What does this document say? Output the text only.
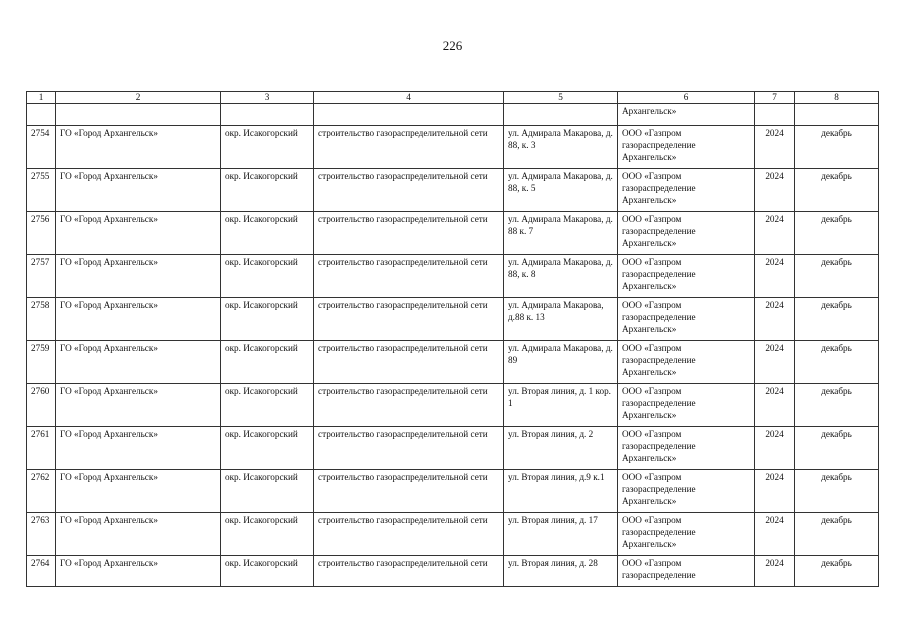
226
1	2	3	4	5	6	7	8
					Архангельск»		
2754	ГО «Город Архангельск»	окр. Исакогорский	строительство газораспределительной сети	ул. Адмирала Макарова, д. 88, к. 3	ООО «Газпром газораспределение Архангельск»	2024	декабрь
2755	ГО «Город Архангельск»	окр. Исакогорский	строительство газораспределительной сети	ул. Адмирала Макарова, д. 88, к. 5	ООО «Газпром газораспределение Архангельск»	2024	декабрь
2756	ГО «Город Архангельск»	окр. Исакогорский	строительство газораспределительной сети	ул. Адмирала Макарова, д. 88 к. 7	ООО «Газпром газораспределение Архангельск»	2024	декабрь
2757	ГО «Город Архангельск»	окр. Исакогорский	строительство газораспределительной сети	ул. Адмирала Макарова, д. 88, к. 8	ООО «Газпром газораспределение Архангельск»	2024	декабрь
2758	ГО «Город Архангельск»	окр. Исакогорский	строительство газораспределительной сети	ул. Адмирала Макарова, д.88 к. 13	ООО «Газпром газораспределение Архангельск»	2024	декабрь
2759	ГО «Город Архангельск»	окр. Исакогорский	строительство газораспределительной сети	ул. Адмирала Макарова, д. 89	ООО «Газпром газораспределение Архангельск»	2024	декабрь
2760	ГО «Город Архангельск»	окр. Исакогорский	строительство газораспределительной сети	ул. Вторая линия, д. 1 кор. 1	ООО «Газпром газораспределение Архангельск»	2024	декабрь
2761	ГО «Город Архангельск»	окр. Исакогорский	строительство газораспределительной сети	ул. Вторая линия, д. 2	ООО «Газпром газораспределение Архангельск»	2024	декабрь
2762	ГО «Город Архангельск»	окр. Исакогорский	строительство газораспределительной сети	ул. Вторая линия, д.9 к.1	ООО «Газпром газораспределение Архангельск»	2024	декабрь
2763	ГО «Город Архангельск»	окр. Исакогорский	строительство газораспределительной сети	ул. Вторая линия, д. 17	ООО «Газпром газораспределение Архангельск»	2024	декабрь
2764	ГО «Город Архангельск»	окр. Исакогорский	строительство газораспределительной сети	ул. Вторая линия, д. 28	ООО «Газпром газораспределение	2024	декабрь
